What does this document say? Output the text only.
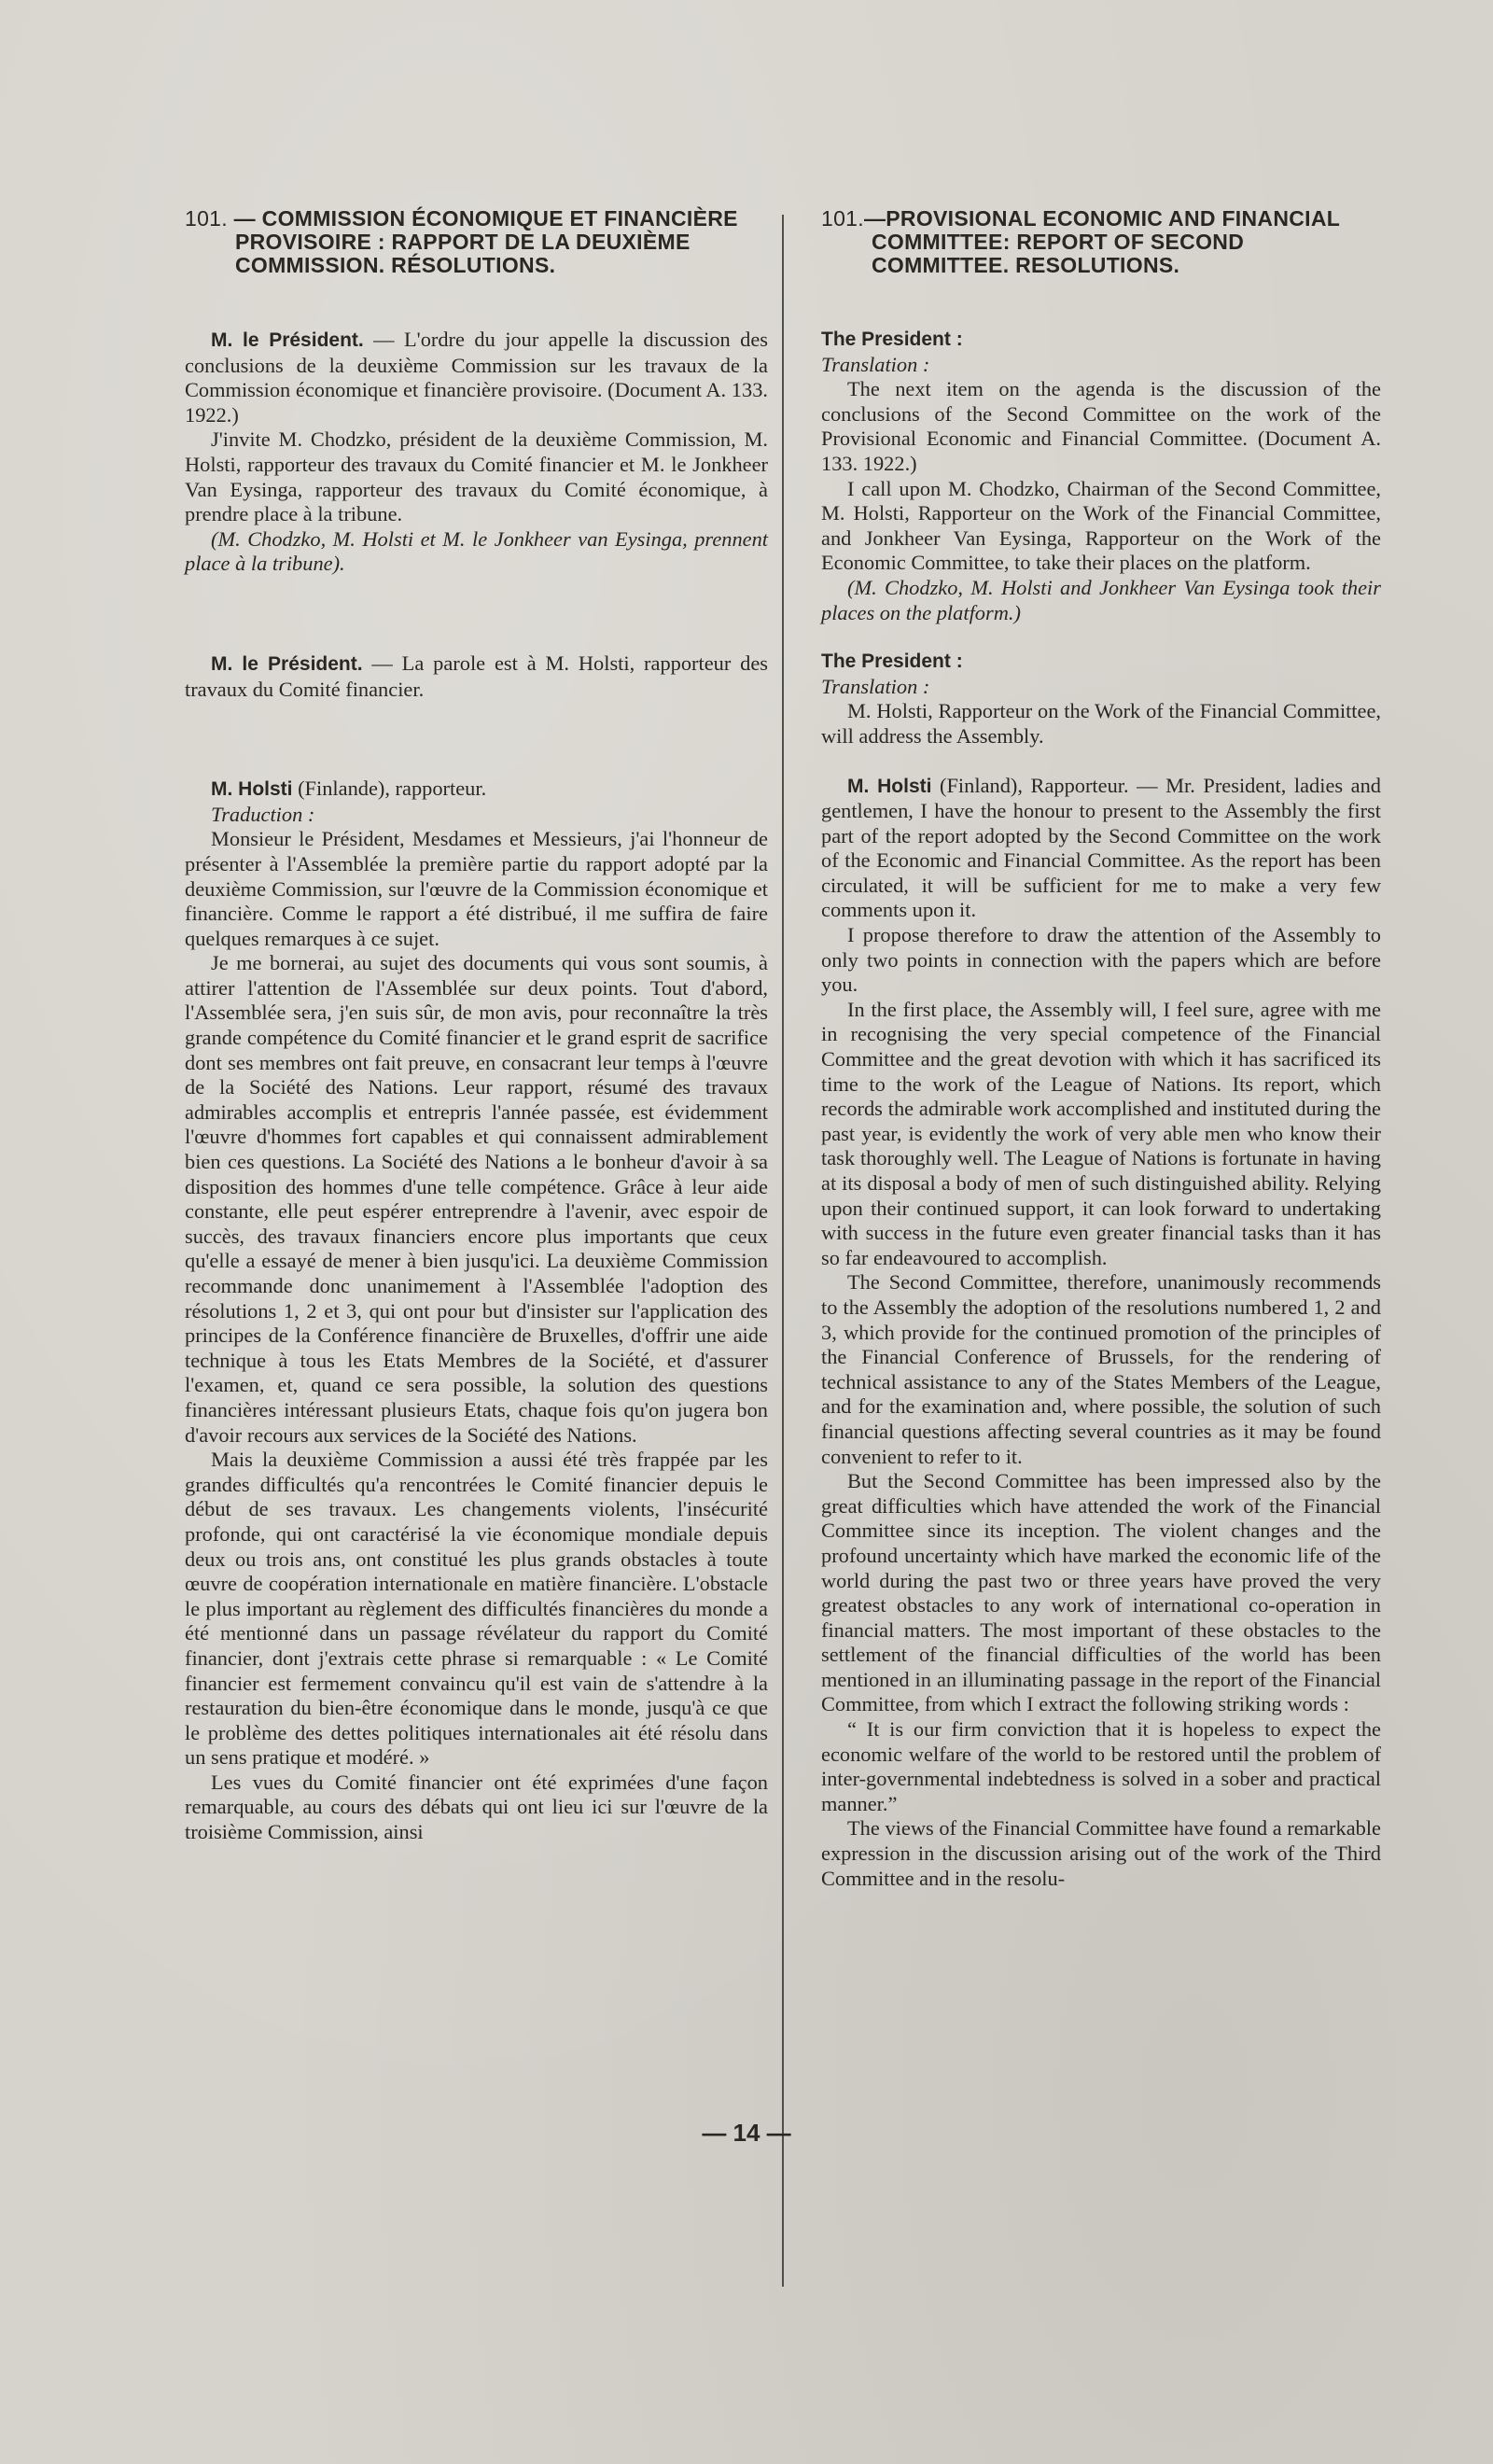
101. — COMMISSION ÉCONOMIQUE ET FINANCIÈRE PROVISOIRE : RAPPORT DE LA DEUXIÈME COMMISSION. RÉSOLUTIONS.

M. le Président. — L'ordre du jour appelle la discussion des conclusions de la deuxième Commission sur les travaux de la Commission économique et financière provisoire. (Document A. 133. 1922.)

J'invite M. Chodzko, président de la deuxième Commission, M. Holsti, rapporteur des travaux du Comité financier et M. le Jonkheer Van Eysinga, rapporteur des travaux du Comité économique, à prendre place à la tribune.

(M. Chodzko, M. Holsti et M. le Jonkheer van Eysinga, prennent place à la tribune).

M. le Président. — La parole est à M. Holsti, rapporteur des travaux du Comité financier.

M. Holsti (Finlande), rapporteur.

Traduction :

Monsieur le Président, Mesdames et Messieurs, j'ai l'honneur de présenter à l'Assemblée la première partie du rapport adopté par la deuxième Commission, sur l'œuvre de la Commission économique et financière. Comme le rapport a été distribué, il me suffira de faire quelques remarques à ce sujet.

Je me bornerai, au sujet des documents qui vous sont soumis, à attirer l'attention de l'Assemblée sur deux points. Tout d'abord, l'Assemblée sera, j'en suis sûr, de mon avis, pour reconnaître la très grande compétence du Comité financier et le grand esprit de sacrifice dont ses membres ont fait preuve, en consacrant leur temps à l'œuvre de la Société des Nations. Leur rapport, résumé des travaux admirables accomplis et entrepris l'année passée, est évidemment l'œuvre d'hommes fort capables et qui connaissent admirablement bien ces questions. La Société des Nations a le bonheur d'avoir à sa disposition des hommes d'une telle compétence. Grâce à leur aide constante, elle peut espérer entreprendre à l'avenir, avec espoir de succès, des travaux financiers encore plus importants que ceux qu'elle a essayé de mener à bien jusqu'ici. La deuxième Commission recommande donc unanimement à l'Assemblée l'adoption des résolutions 1, 2 et 3, qui ont pour but d'insister sur l'application des principes de la Conférence financière de Bruxelles, d'offrir une aide technique à tous les Etats Membres de la Société, et d'assurer l'examen, et, quand ce sera possible, la solution des questions financières intéressant plusieurs Etats, chaque fois qu'on jugera bon d'avoir recours aux services de la Société des Nations.

Mais la deuxième Commission a aussi été très frappée par les grandes difficultés qu'a rencontrées le Comité financier depuis le début de ses travaux. Les changements violents, l'insécurité profonde, qui ont caractérisé la vie économique mondiale depuis deux ou trois ans, ont constitué les plus grands obstacles à toute œuvre de coopération internationale en matière financière. L'obstacle le plus important au règlement des difficultés financières du monde a été mentionné dans un passage révélateur du rapport du Comité financier, dont j'extrais cette phrase si remarquable : « Le Comité financier est fermement convaincu qu'il est vain de s'attendre à la restauration du bien-être économique dans le monde, jusqu'à ce que le problème des dettes politiques internationales ait été résolu dans un sens pratique et modéré. »

Les vues du Comité financier ont été exprimées d'une façon remarquable, au cours des débats qui ont lieu ici sur l'œuvre de la troisième Commission, ainsi

101.—PROVISIONAL ECONOMIC AND FINANCIAL COMMITTEE: REPORT OF SECOND COMMITTEE. RESOLUTIONS.

The President :

Translation :

The next item on the agenda is the discussion of the conclusions of the Second Committee on the work of the Provisional Economic and Financial Committee. (Document A. 133. 1922.)

I call upon M. Chodzko, Chairman of the Second Committee, M. Holsti, Rapporteur on the Work of the Financial Committee, and Jonkheer Van Eysinga, Rapporteur on the Work of the Economic Committee, to take their places on the platform.

(M. Chodzko, M. Holsti and Jonkheer Van Eysinga took their places on the platform.)

The President :

Translation :

M. Holsti, Rapporteur on the Work of the Financial Committee, will address the Assembly.

M. Holsti (Finland), Rapporteur. — Mr. President, ladies and gentlemen, I have the honour to present to the Assembly the first part of the report adopted by the Second Committee on the work of the Economic and Financial Committee. As the report has been circulated, it will be sufficient for me to make a very few comments upon it.

I propose therefore to draw the attention of the Assembly to only two points in connection with the papers which are before you.

In the first place, the Assembly will, I feel sure, agree with me in recognising the very special competence of the Financial Committee and the great devotion with which it has sacrificed its time to the work of the League of Nations. Its report, which records the admirable work accomplished and instituted during the past year, is evidently the work of very able men who know their task thoroughly well. The League of Nations is fortunate in having at its disposal a body of men of such distinguished ability. Relying upon their continued support, it can look forward to undertaking with success in the future even greater financial tasks than it has so far endeavoured to accomplish.

The Second Committee, therefore, unanimously recommends to the Assembly the adoption of the resolutions numbered 1, 2 and 3, which provide for the continued promotion of the principles of the Financial Conference of Brussels, for the rendering of technical assistance to any of the States Members of the League, and for the examination and, where possible, the solution of such financial questions affecting several countries as it may be found convenient to refer to it.

But the Second Committee has been impressed also by the great difficulties which have attended the work of the Financial Committee since its inception. The violent changes and the profound uncertainty which have marked the economic life of the world during the past two or three years have proved the very greatest obstacles to any work of international co-operation in financial matters. The most important of these obstacles to the settlement of the financial difficulties of the world has been mentioned in an illuminating passage in the report of the Financial Committee, from which I extract the following striking words :

“ It is our firm conviction that it is hopeless to expect the economic welfare of the world to be restored until the problem of inter-governmental indebtedness is solved in a sober and practical manner.”

The views of the Financial Committee have found a remarkable expression in the discussion arising out of the work of the Third Committee and in the resolu-

— 14 —
